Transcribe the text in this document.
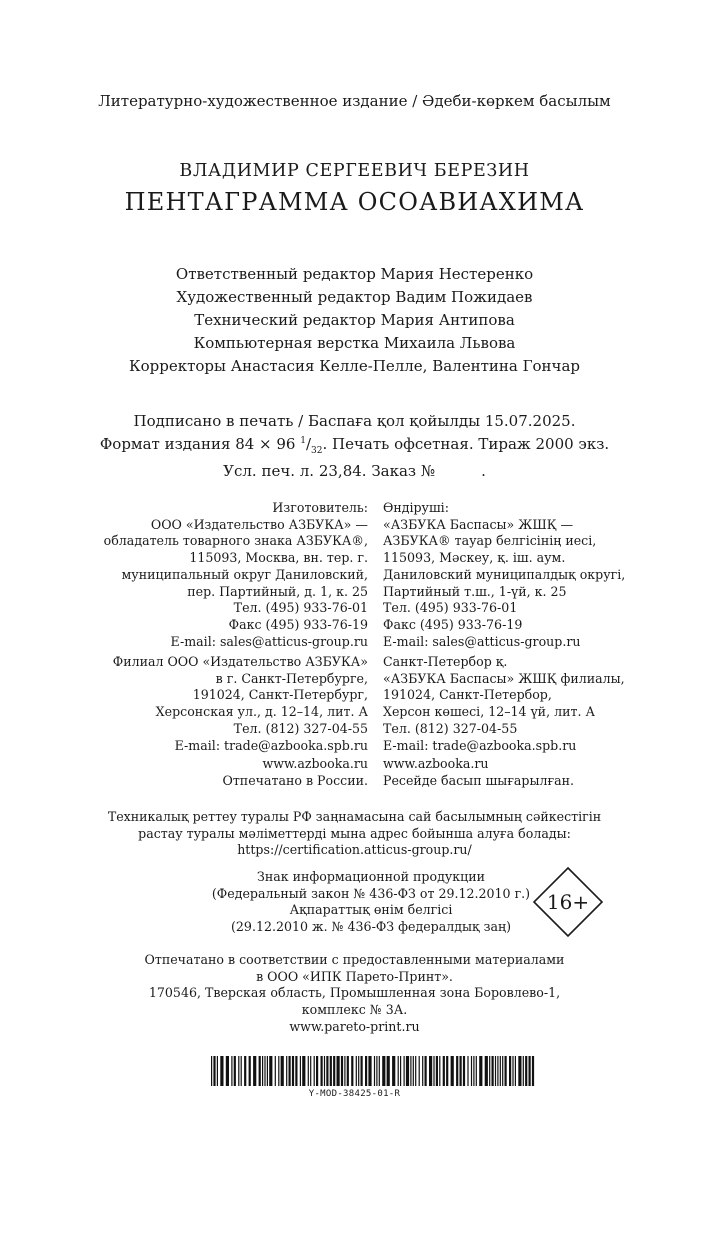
Литературно-художественное издание / Әдеби-көркем басылым
ВЛАДИМИР СЕРГЕЕВИЧ БЕРЕЗИН
ПЕНТАГРАММА ОСОАВИАХИМА
Ответственный редактор Мария Нестеренко
Художественный редактор Вадим Пожидаев
Технический редактор Мария Антипова
Компьютерная верстка Михаила Львова
Корректоры Анастасия Келле-Пелле, Валентина Гончар
Подписано в печать / Баспаға қол қойылды 15.07.2025.
Формат издания 84 × 96 $^1/_{32}$. Печать офсетная. Тираж 2000 экз.
Усл. печ. л. 23,84. Заказ №	.
Изготовитель:
ООО «Издательство АЗБУКА» —
обладатель товарного знака АЗБУКА®,
115093, Москва, вн. тер. г.
муниципальный округ Даниловский,
пер. Партийный, д. 1, к. 25
Тел. (495) 933-76-01
Факс (495) 933-76-19
E-mail: sales@atticus-group.ru
Өндіруші:
«АЗБУКА Баспасы» ЖШҚ —
АЗБУКА® тауар белгісінің иесі,
115093, Мәскеу, қ. іш. аум.
Даниловский муниципалдық округі,
Партийный т.ш., 1-үй, к. 25
Тел. (495) 933-76-01
Факс (495) 933-76-19
E-mail: sales@atticus-group.ru
Филиал ООО «Издательство АЗБУКА»
в г. Санкт-Петербурге,
191024, Санкт-Петербург,
Херсонская ул., д. 12–14, лит. А
Тел. (812) 327-04-55
E-mail: trade@azbooka.spb.ru
Санкт-Петербор қ.
«АЗБУКА Баспасы» ЖШҚ филиалы,
191024, Санкт-Петербор,
Херсон көшесі, 12–14 үй, лит. А
Тел. (812) 327-04-55
E-mail: trade@azbooka.spb.ru
www.azbooka.ru
Отпечатано в России.
www.azbooka.ru
Ресейде басып шығарылған.
Техникалық реттеу туралы РФ заңнамасына сай басылымның сәйкестігін
растау туралы мәліметтерді мына адрес бойынша алуға болады:
https://certification.atticus-group.ru/
Знак информационной продукции
(Федеральный закон № 436-ФЗ от 29.12.2010 г.)
Ақпараттық өнім белгісі
(29.12.2010 ж. № 436-ФЗ федералдық заң)
16+
Отпечатано в соответствии с предоставленными материалами
в ООО «ИПК Парето-Принт».
170546, Тверская область, Промышленная зона Боровлево-1,
комплекс № 3А.
www.pareto-print.ru
Y-MOD-38425-01-R
